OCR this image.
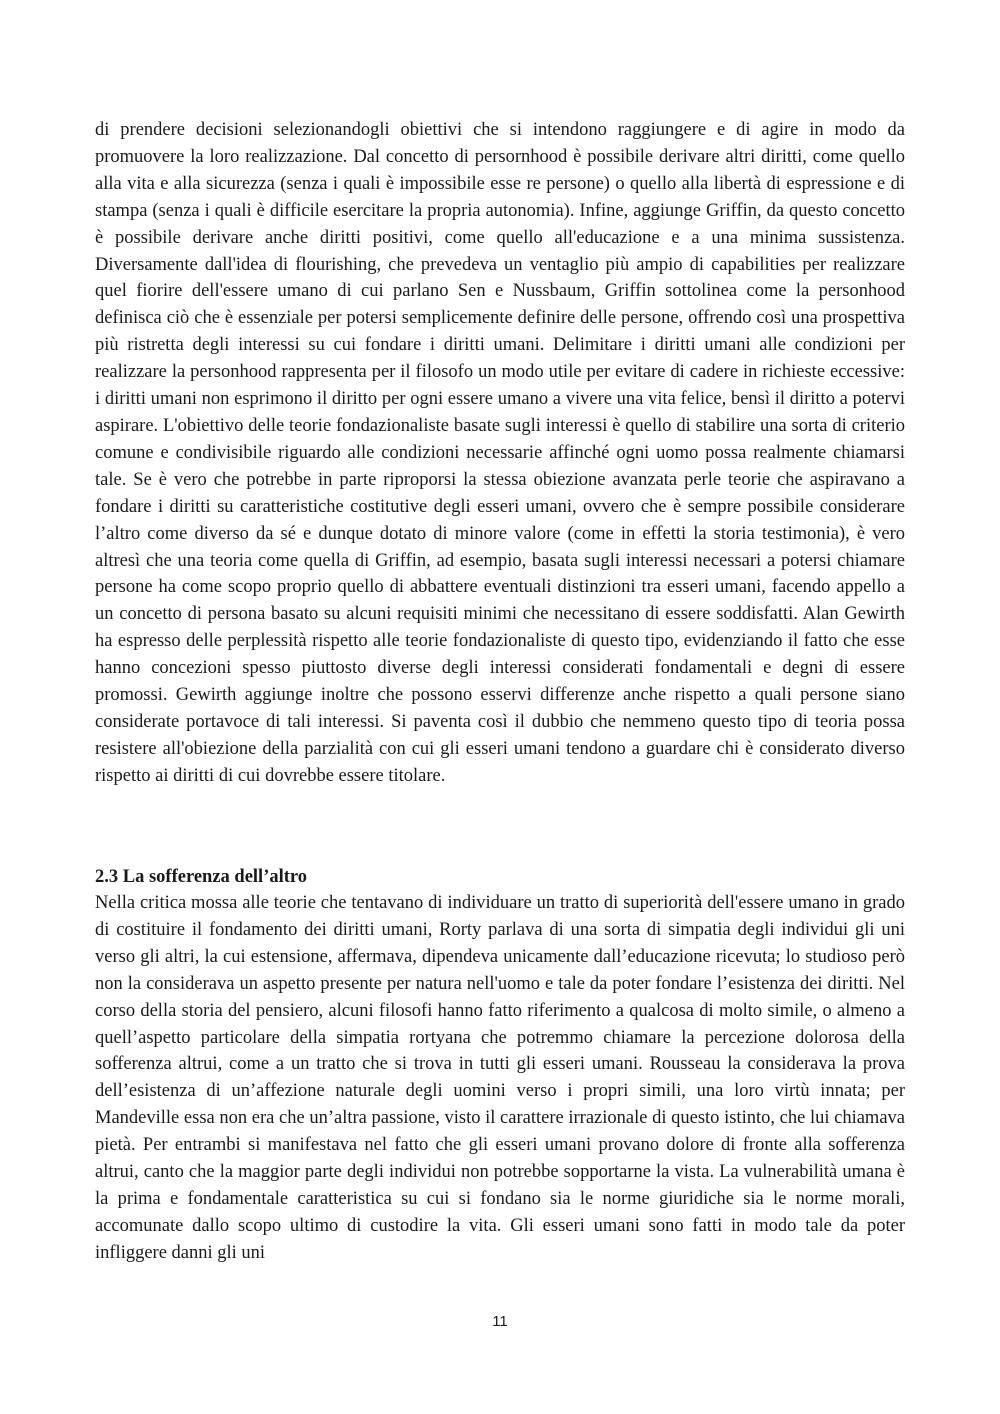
di prendere decisioni selezionandogli obiettivi che si intendono raggiungere e di agire in modo da promuovere la loro realizzazione. Dal concetto di persornhood è possibile derivare altri diritti, come quello alla vita e alla sicurezza (senza i quali è impossibile esse re persone) o quello alla libertà di espressione e di stampa (senza i quali è difficile esercitare la propria autonomia). Infine, aggiunge Griffin, da questo concetto è possibile derivare anche diritti positivi, come quello all'educazione e a una minima sussistenza. Diversamente dall'idea di flourishing, che prevedeva un ventaglio più ampio di capabilities per realizzare quel fiorire dell'essere umano di cui parlano Sen e Nussbaum, Griffin sottolinea come la personhood definisca ciò che è essenziale per potersi semplicemente definire delle persone, offrendo così una prospettiva più ristretta degli interessi su cui fondare i diritti umani. Delimitare i diritti umani alle condizioni per realizzare la personhood rappresenta per il filosofo un modo utile per evitare di cadere in richieste eccessive: i diritti umani non esprimono il diritto per ogni essere umano a vivere una vita felice, bensì il diritto a potervi aspirare. L'obiettivo delle teorie fondazionaliste basate sugli interessi è quello di stabilire una sorta di criterio comune e condivisibile riguardo alle condizioni necessarie affinché ogni uomo possa realmente chiamarsi tale. Se è vero che potrebbe in parte riproporsi la stessa obiezione avanzata perle teorie che aspiravano a fondare i diritti su caratteristiche costitutive degli esseri umani, ovvero che è sempre possibile considerare l’altro come diverso da sé e dunque dotato di minore valore (come in effetti la storia testimonia), è vero altresì che una teoria come quella di Griffin, ad esempio, basata sugli interessi necessari a potersi chiamare persone ha come scopo proprio quello di abbattere eventuali distinzioni tra esseri umani, facendo appello a un concetto di persona basato su alcuni requisiti minimi che necessitano di essere soddisfatti. Alan Gewirth ha espresso delle perplessità rispetto alle teorie fondazionaliste di questo tipo, evidenziando il fatto che esse hanno concezioni spesso piuttosto diverse degli interessi considerati fondamentali e degni di essere promossi. Gewirth aggiunge inoltre che possono esservi differenze anche rispetto a quali persone siano considerate portavoce di tali interessi. Si paventa così il dubbio che nemmeno questo tipo di teoria possa resistere all'obiezione della parzialità con cui gli esseri umani tendono a guardare chi è considerato diverso rispetto ai diritti di cui dovrebbe essere titolare.
2.3 La sofferenza dell’altro
Nella critica mossa alle teorie che tentavano di individuare un tratto di superiorità dell'essere umano in grado di costituire il fondamento dei diritti umani, Rorty parlava di una sorta di simpatia degli individui gli uni verso gli altri, la cui estensione, affermava, dipendeva unicamente dall’educazione ricevuta; lo studioso però non la considerava un aspetto presente per natura nell'uomo e tale da poter fondare l’esistenza dei diritti. Nel corso della storia del pensiero, alcuni filosofi hanno fatto riferimento a qualcosa di molto simile, o almeno a quell’aspetto particolare della simpatia rortyana che potremmo chiamare la percezione dolorosa della sofferenza altrui, come a un tratto che si trova in tutti gli esseri umani. Rousseau la considerava la prova dell’esistenza di un’affezione naturale degli uomini verso i propri simili, una loro virtù innata; per Mandeville essa non era che un’altra passione, visto il carattere irrazionale di questo istinto, che lui chiamava pietà. Per entrambi si manifestava nel fatto che gli esseri umani provano dolore di fronte alla sofferenza altrui, canto che la maggior parte degli individui non potrebbe sopportarne la vista. La vulnerabilità umana è la prima e fondamentale caratteristica su cui si fondano sia le norme giuridiche sia le norme morali, accomunate dallo scopo ultimo di custodire la vita. Gli esseri umani sono fatti in modo tale da poter infliggere danni gli uni
11
